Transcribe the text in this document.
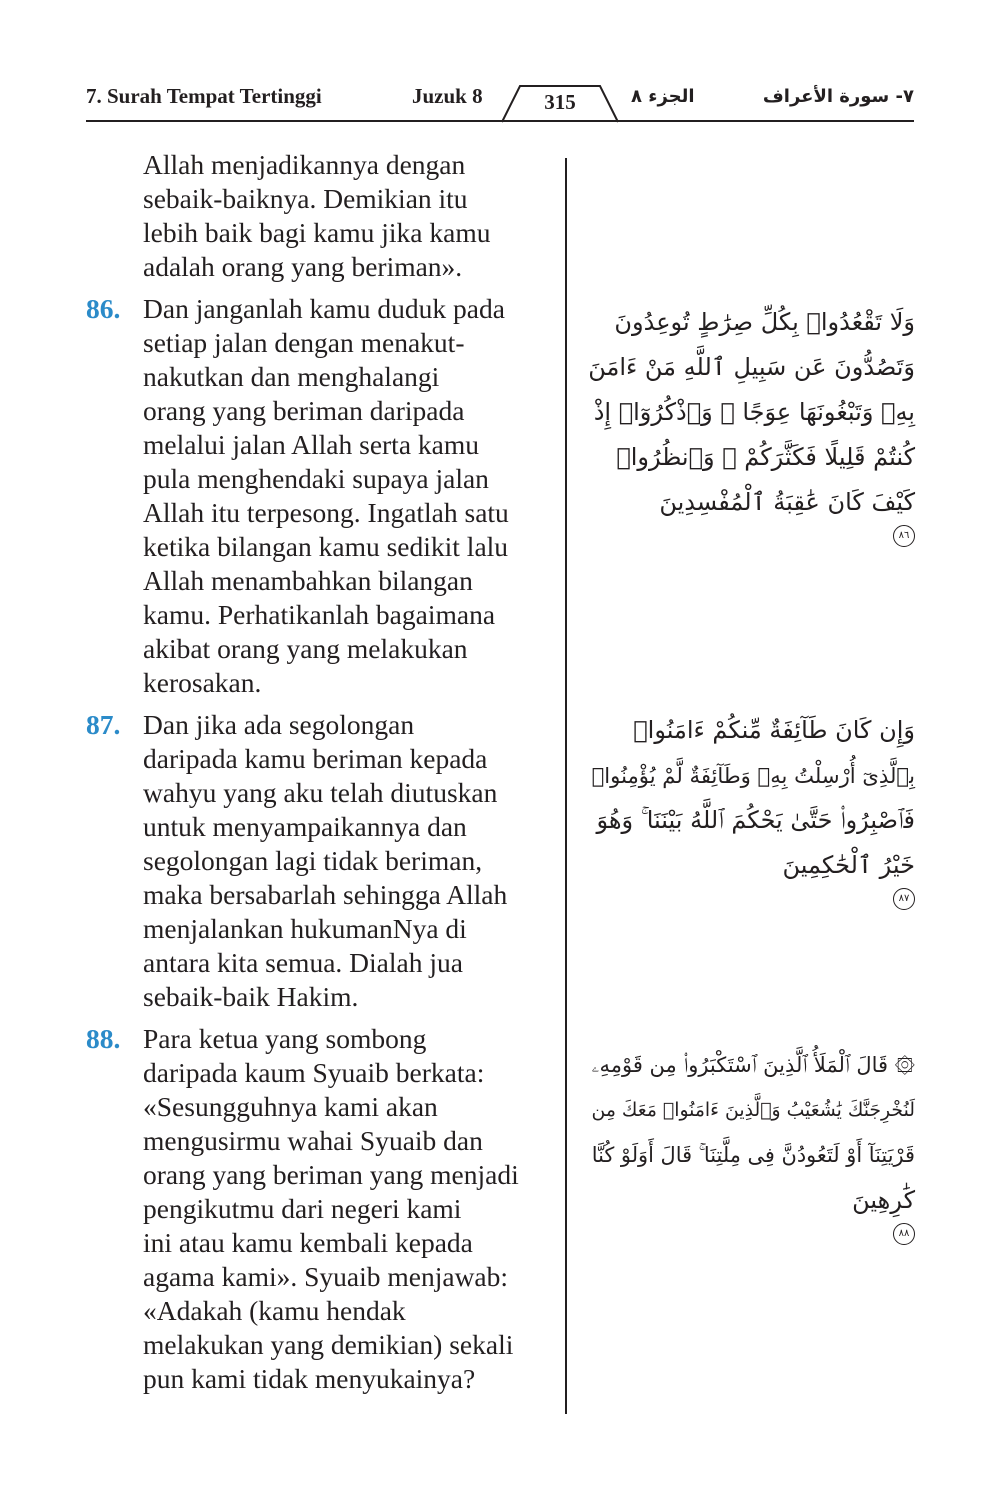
7. Surah Tempat Tertinggi	Juzuk 8	الجزء ٨	٧- سورة الأعراف
315
Allah menjadikannya dengan
sebaik-baiknya. Demikian itu
lebih baik bagi kamu jika kamu
adalah orang yang beriman».
86. Dan janganlah kamu duduk pada
setiap jalan dengan menakut-
nakutkan dan menghalangi
orang yang beriman daripada
melalui jalan Allah serta kamu
pula menghendaki supaya jalan
Allah itu terpesong. Ingatlah satu
ketika bilangan kamu sedikit lalu
Allah menambahkan bilangan
kamu. Perhatikanlah bagaimana
akibat orang yang melakukan
kerosakan.
87. Dan jika ada segolongan
daripada kamu beriman kepada
wahyu yang aku telah diutuskan
untuk menyampaikannya dan
segolongan lagi tidak beriman,
maka bersabarlah sehingga Allah
menjalankan hukumanNya di
antara kita semua. Dialah jua
sebaik-baik Hakim.
88. Para ketua yang sombong
daripada kaum Syuaib berkata:
«Sesungguhnya kami akan
mengusirmu wahai Syuaib dan
orang yang beriman yang menjadi
pengikutmu dari negeri kami
ini atau kamu kembali kepada
agama kami». Syuaib menjawab:
«Adakah (kamu hendak
melakukan yang demikian) sekali
pun kami tidak menyukainya?
وَلَا تَقْعُدُوا۟ بِكُلِّ صِرَٰطٍ تُوعِدُونَ
وَتَصُدُّونَ عَن سَبِيلِ ٱللَّهِ مَنْ ءَامَنَ
بِهِۦ وَتَبْغُونَهَا عِوَجًا ۚ وَٱذْكُرُوٓا۟ إِذْ
كُنتُمْ قَلِيلًا فَكَثَّرَكُمْ ۖ وَٱنظُرُوا۟
كَيْفَ كَانَ عَٰقِبَةُ ٱلْمُفْسِدِينَ
٨٦
وَإِن كَانَ طَآئِفَةٌ مِّنكُمْ ءَامَنُوا۟
بِٱلَّذِىٓ أُرْسِلْتُ بِهِۦ وَطَآئِفَةٌ لَّمْ يُؤْمِنُوا۟
فَٱصْبِرُوا۟ حَتَّىٰ يَحْكُمَ ٱللَّهُ بَيْنَنَا ۚ وَهُوَ
خَيْرُ ٱلْحَٰكِمِينَ
٨٧
۞ قَالَ ٱلْمَلَأُ ٱلَّذِينَ ٱسْتَكْبَرُوا۟ مِن قَوْمِهِۦ
لَنُخْرِجَنَّكَ يَٰشُعَيْبُ وَٱلَّذِينَ ءَامَنُوا۟ مَعَكَ مِن
قَرْيَتِنَآ أَوْ لَتَعُودُنَّ فِى مِلَّتِنَا ۚ قَالَ أَوَلَوْ كُنَّا
كَٰرِهِينَ
٨٨
